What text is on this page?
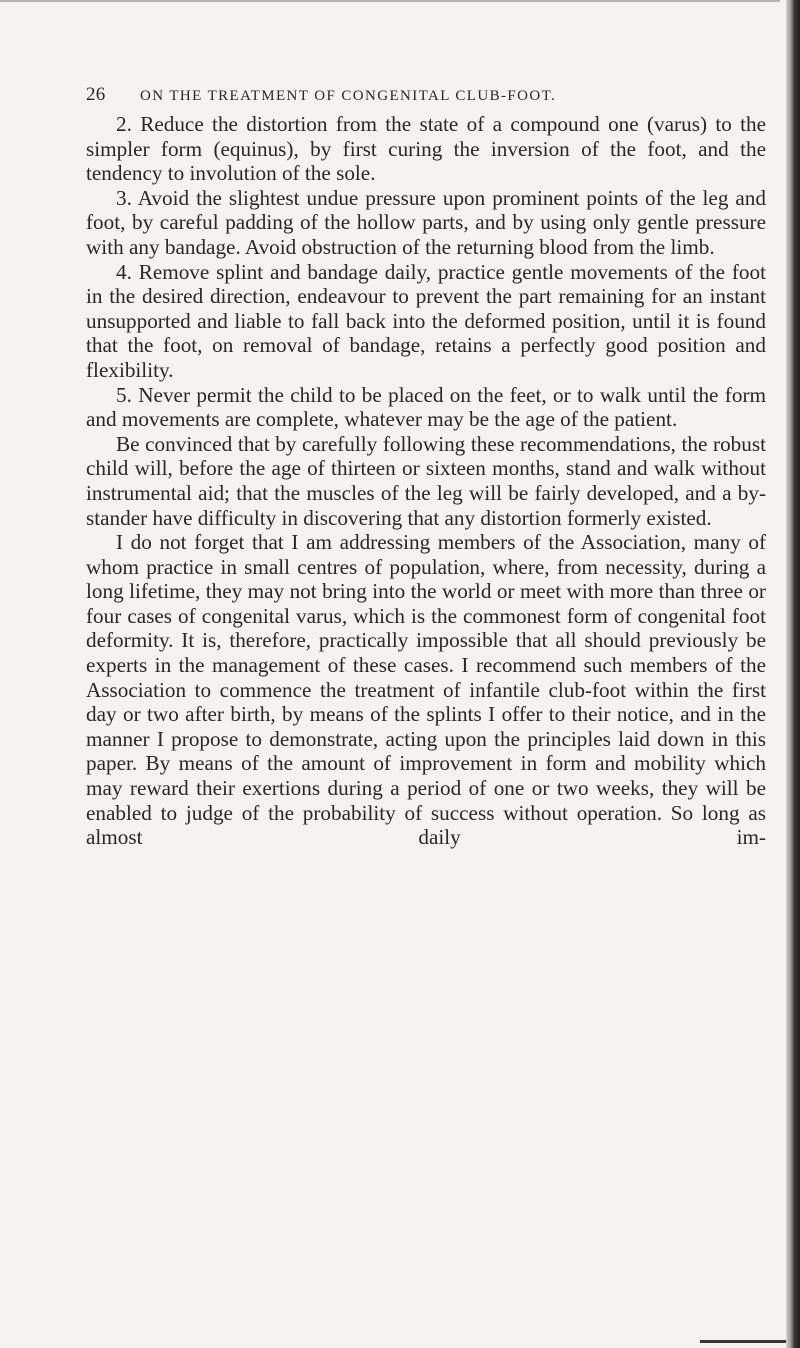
26 ON THE TREATMENT OF CONGENITAL CLUB-FOOT.

2. Reduce the distortion from the state of a compound one (varus) to the simpler form (equinus), by first curing the inversion of the foot, and the tendency to involution of the sole.

3. Avoid the slightest undue pressure upon prominent points of the leg and foot, by careful padding of the hollow parts, and by using only gentle pressure with any bandage. Avoid obstruction of the returning blood from the limb.

4. Remove splint and bandage daily, practice gentle movements of the foot in the desired direction, endeavour to prevent the part remaining for an instant unsupported and liable to fall back into the deformed position, until it is found that the foot, on removal of bandage, retains a perfectly good position and flexibility.

5. Never permit the child to be placed on the feet, or to walk until the form and movements are complete, whatever may be the age of the patient.

Be convinced that by carefully following these recommendations, the robust child will, before the age of thirteen or sixteen months, stand and walk without instrumental aid; that the muscles of the leg will be fairly developed, and a bystander have difficulty in discovering that any distortion formerly existed.

I do not forget that I am addressing members of the Association, many of whom practice in small centres of population, where, from necessity, during a long lifetime, they may not bring into the world or meet with more than three or four cases of congenital varus, which is the commonest form of congenital foot deformity. It is, therefore, practically impossible that all should previously be experts in the management of these cases. I recommend such members of the Association to commence the treatment of infantile club-foot within the first day or two after birth, by means of the splints I offer to their notice, and in the manner I propose to demonstrate, acting upon the principles laid down in this paper. By means of the amount of improvement in form and mobility which may reward their exertions during a period of one or two weeks, they will be enabled to judge of the probability of success without operation. So long as almost daily im-
